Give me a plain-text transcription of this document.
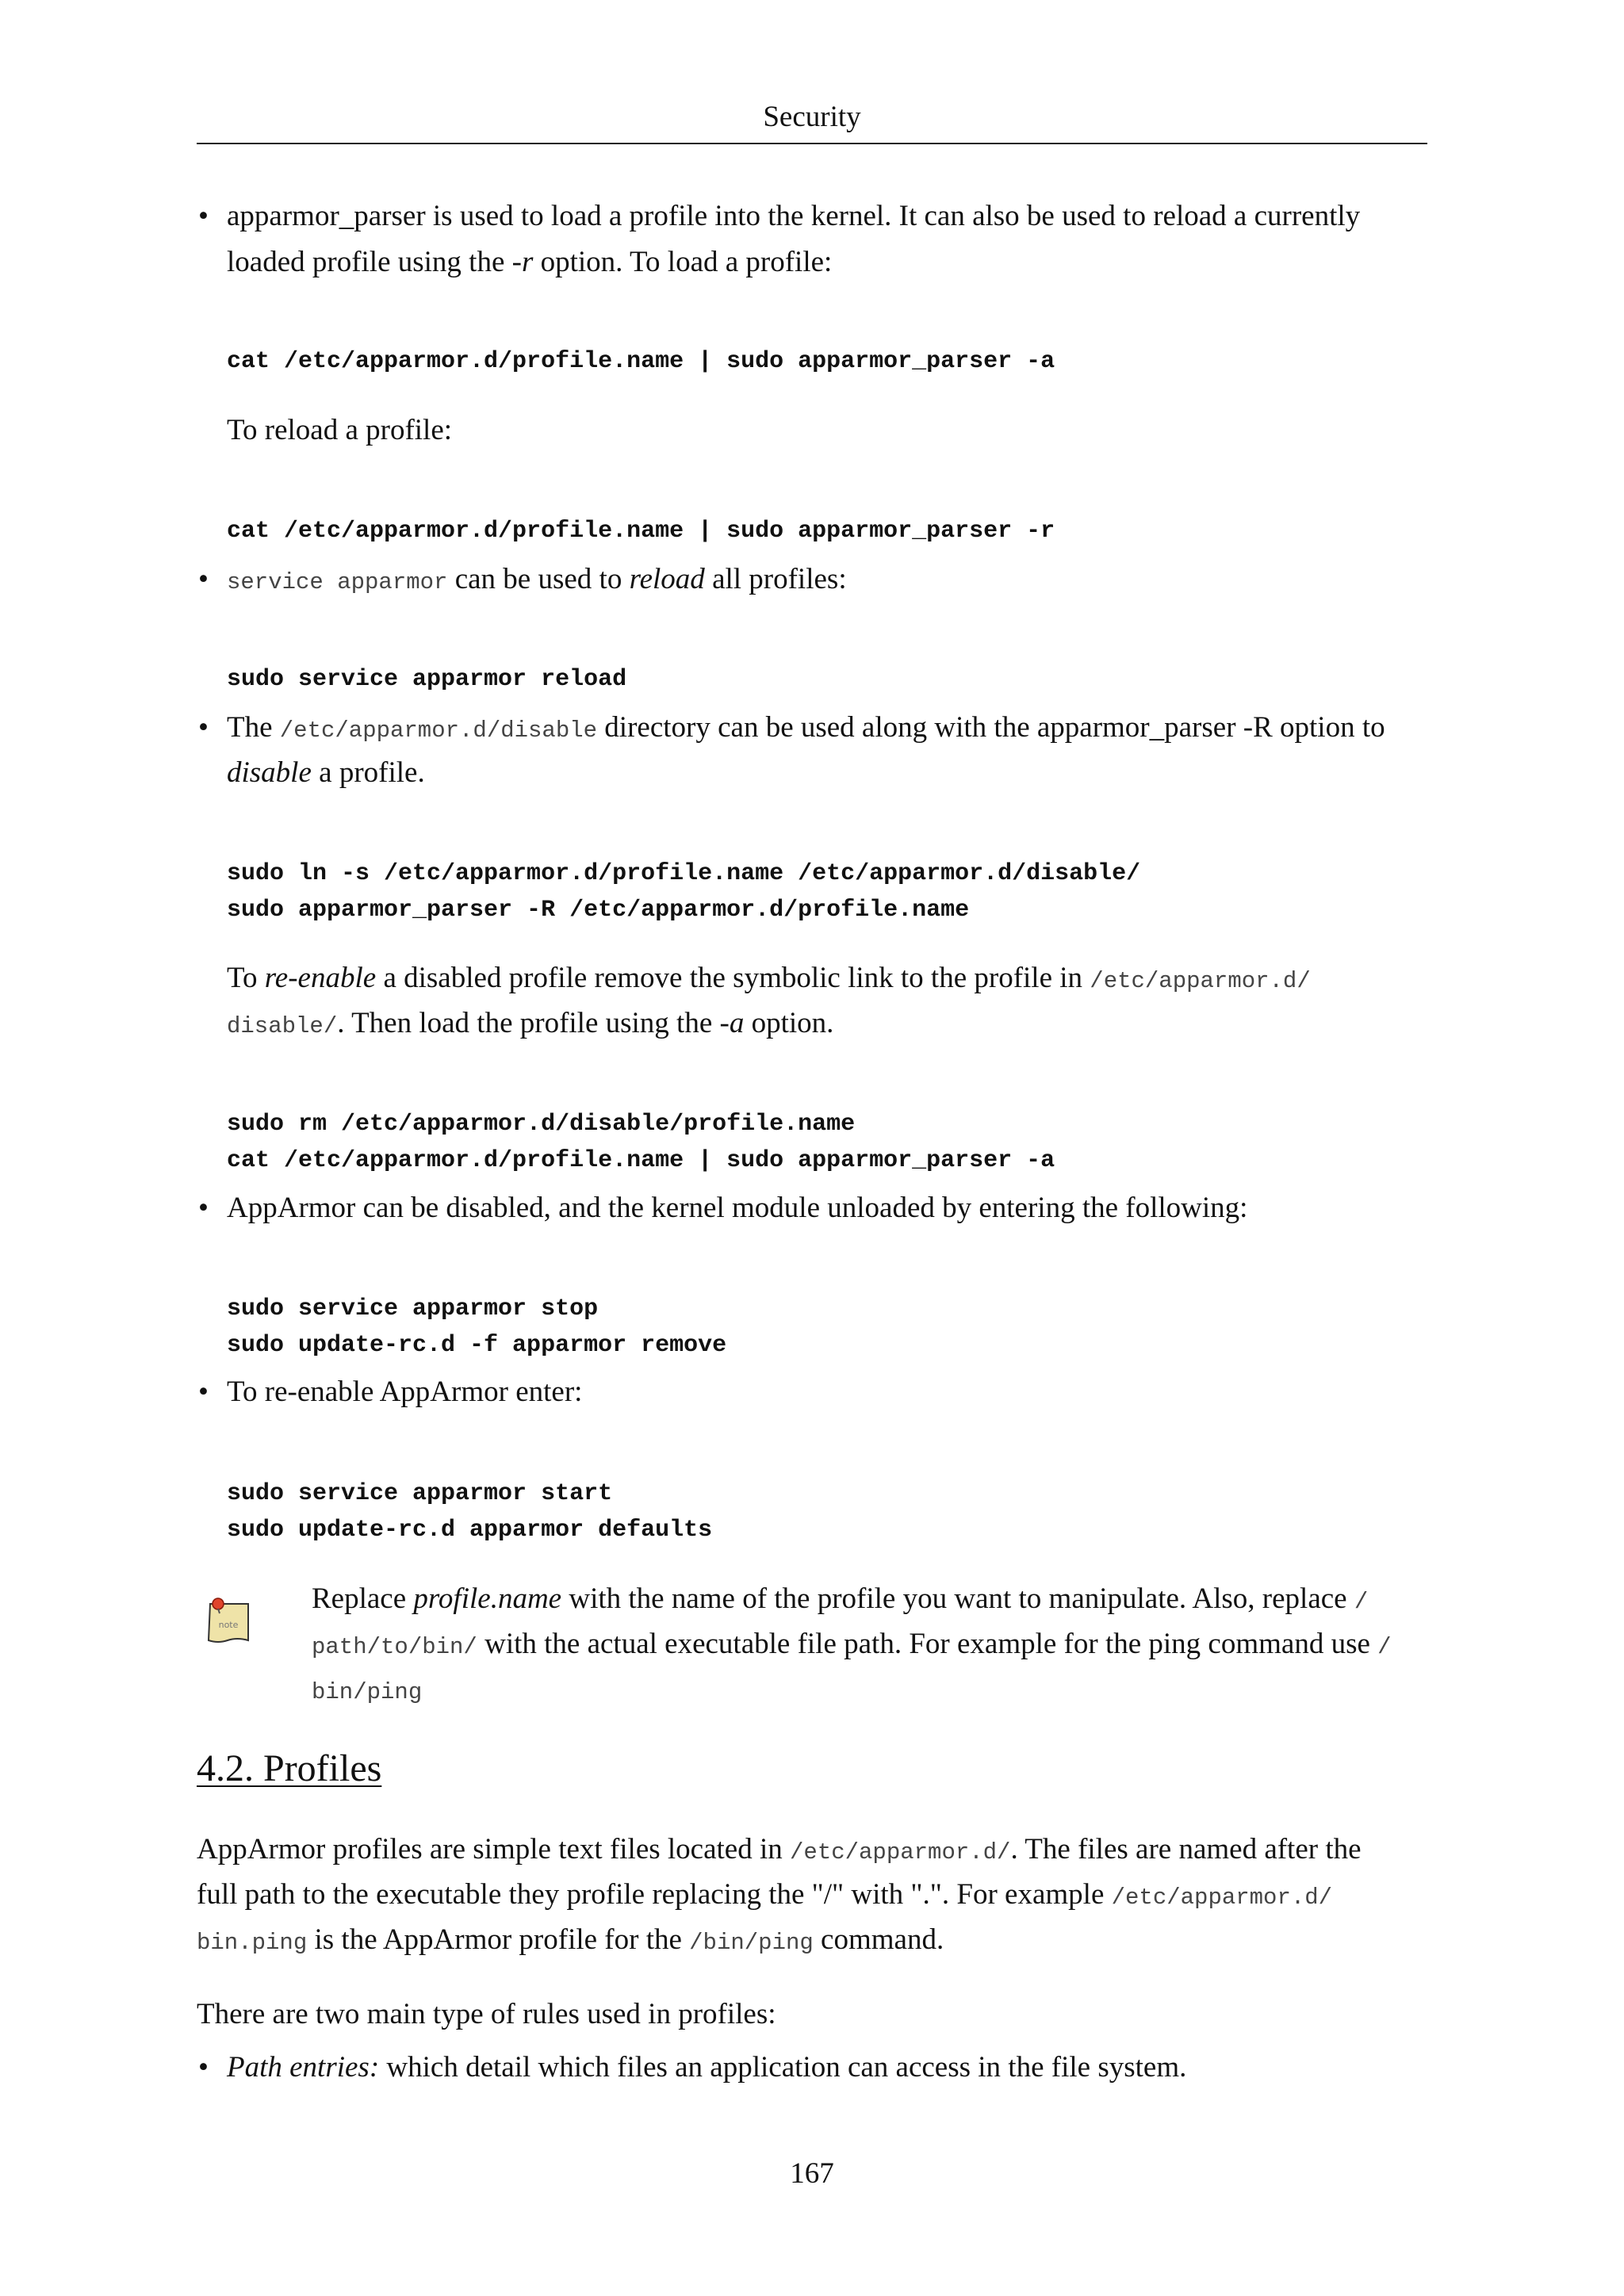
Security
• apparmor_parser is used to load a profile into the kernel. It can also be used to reload a currently
loaded profile using the -r option. To load a profile:
cat /etc/apparmor.d/profile.name | sudo apparmor_parser -a
To reload a profile:
cat /etc/apparmor.d/profile.name | sudo apparmor_parser -r
• service apparmor can be used to reload all profiles:
sudo service apparmor reload
• The /etc/apparmor.d/disable directory can be used along with the apparmor_parser -R option to
disable a profile.
sudo ln -s /etc/apparmor.d/profile.name /etc/apparmor.d/disable/
sudo apparmor_parser -R /etc/apparmor.d/profile.name
To re-enable a disabled profile remove the symbolic link to the profile in /etc/apparmor.d/
disable/. Then load the profile using the -a option.
sudo rm /etc/apparmor.d/disable/profile.name
cat /etc/apparmor.d/profile.name | sudo apparmor_parser -a
• AppArmor can be disabled, and the kernel module unloaded by entering the following:
sudo service apparmor stop
sudo update-rc.d -f apparmor remove
• To re-enable AppArmor enter:
sudo service apparmor start
sudo update-rc.d apparmor defaults
note
Replace profile.name with the name of the profile you want to manipulate. Also, replace /
path/to/bin/ with the actual executable file path. For example for the ping command use /
bin/ping
4.2. Profiles
AppArmor profiles are simple text files located in /etc/apparmor.d/. The files are named after the
full path to the executable they profile replacing the "/" with ".". For example /etc/apparmor.d/
bin.ping is the AppArmor profile for the /bin/ping command.
There are two main type of rules used in profiles:
• Path entries: which detail which files an application can access in the file system.
167
